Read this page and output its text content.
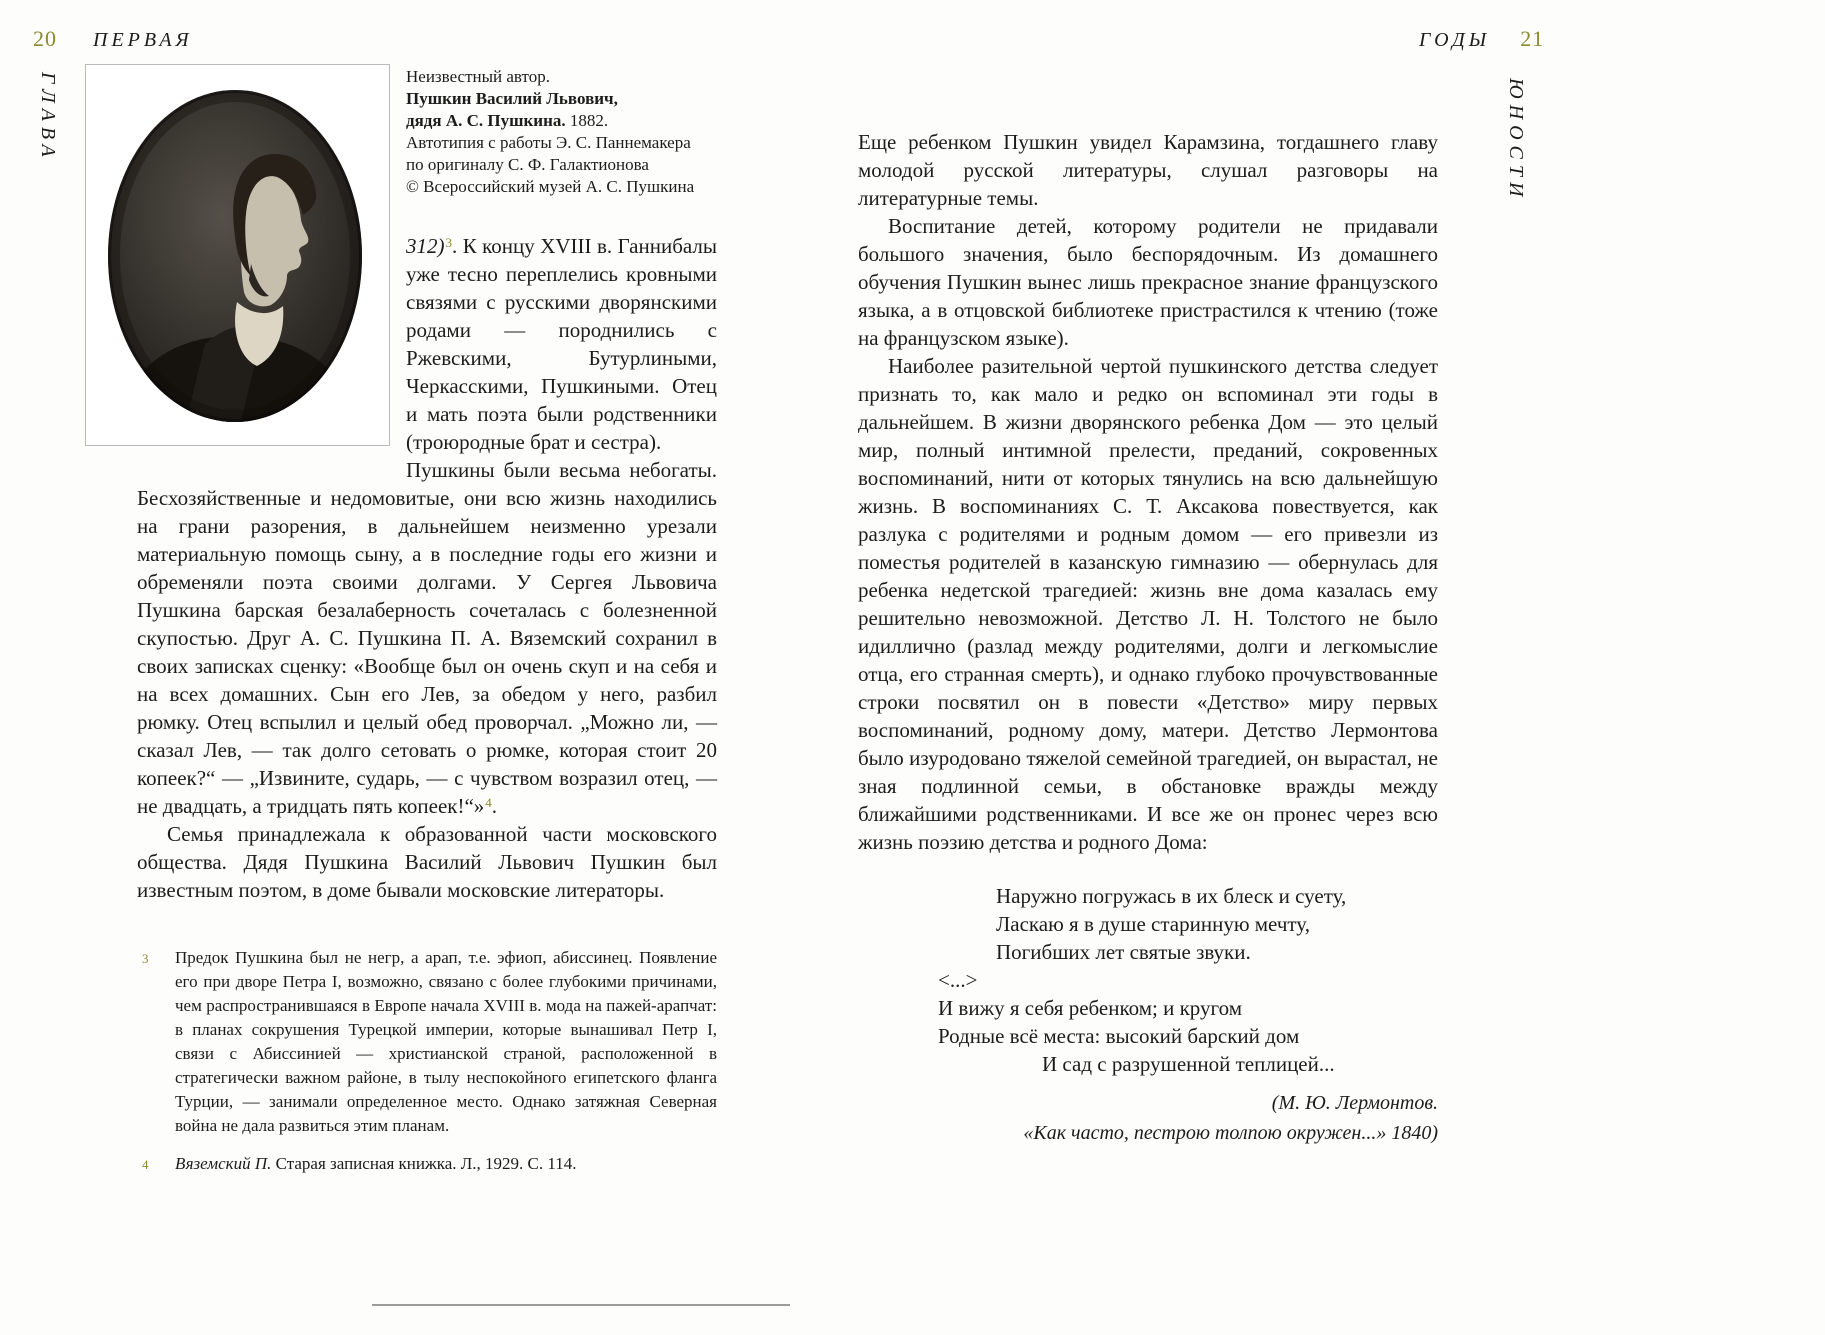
20 ПЕРВАЯ
ГЛАВА
ГОДЫ 21
ЮНОСТИ
Неизвестный автор.
Пушкин Василий Львович,
дядя А. С. Пушкина. 1882.
Автотипия с работы Э. С. Паннемакера
по оригиналу С. Ф. Галактионова
© Всероссийский музей А. С. Пушкина

312)$^3$. К концу XVIII в. Ганнибалы уже тесно переплелись кровными связями с русскими дворянскими родами — породнились с Ржевскими, Бутурлиными, Черкасскими, Пушкиными. Отец и мать поэта были родственники (троюродные брат и сестра).

Пушкины были весьма небогаты. Бесхозяйственные и недомовитые, они всю жизнь находились на грани разорения, в дальнейшем неизменно урезали материальную помощь сыну, а в последние годы его жизни и обременяли поэта своими долгами. У Сергея Львовича Пушкина барская безалаберность сочеталась с болезненной скупостью. Друг А. С. Пушкина П. А. Вяземский сохранил в своих записках сценку: «Вообще был он очень скуп и на себя и на всех домашних. Сын его Лев, за обедом у него, разбил рюмку. Отец вспылил и целый обед проворчал. „Можно ли, — сказал Лев, — так долго сетовать о рюмке, которая стоит 20 копеек?“ — „Извините, сударь, — с чувством возразил отец, — не двадцать, а тридцать пять копеек!“»$^4$.

Семья принадлежала к образованной части московского общества. Дядя Пушкина Василий Львович Пушкин был известным поэтом, в доме бывали московские литераторы.

3 Предок Пушкина был не негр, а арап, т.е. эфиоп, абиссинец. Появление его при дворе Петра I, возможно, связано с более глубокими причинами, чем распространившаяся в Европе начала XVIII в. мода на пажей-арапчат: в планах сокрушения Турецкой империи, которые вынашивал Петр I, связи с Абиссинией — христианской страной, расположенной в стратегически важном районе, в тылу неспокойного египетского фланга Турции, — занимали определенное место. Однако затяжная Северная война не дала развиться этим планам.
4 Вяземский П. Старая записная книжка. Л., 1929. С. 114.

Еще ребенком Пушкин увидел Карамзина, тогдашнего главу молодой русской литературы, слушал разговоры на литературные темы.

Воспитание детей, которому родители не придавали большого значения, было беспорядочным. Из домашнего обучения Пушкин вынес лишь прекрасное знание французского языка, а в отцовской библиотеке пристрастился к чтению (тоже на французском языке).

Наиболее разительной чертой пушкинского детства следует признать то, как мало и редко он вспоминал эти годы в дальнейшем. В жизни дворянского ребенка Дом — это целый мир, полный интимной прелести, преданий, сокровенных воспоминаний, нити от которых тянулись на всю дальнейшую жизнь. В воспоминаниях С. Т. Аксакова повествуется, как разлука с родителями и родным домом — его привезли из поместья родителей в казанскую гимназию — обернулась для ребенка недетской трагедией: жизнь вне дома казалась ему решительно невозможной. Детство Л. Н. Толстого не было идиллично (разлад между родителями, долги и легкомыслие отца, его странная смерть), и однако глубоко прочувствованные строки посвятил он в повести «Детство» миру первых воспоминаний, родному дому, матери. Детство Лермонтова было изуродовано тяжелой семейной трагедией, он вырастал, не зная подлинной семьи, в обстановке вражды между ближайшими родственниками. И все же он пронес через всю жизнь поэзию детства и родного Дома:

Наружно погружась в их блеск и суету,
Ласкаю я в душе старинную мечту,
Погибших лет святые звуки.
<...>
И вижу я себя ребенком; и кругом
Родные всё места: высокий барский дом
И сад с разрушенной теплицей...
(М. Ю. Лермонтов.
«Как часто, пестрою толпою окружен...» 1840)
